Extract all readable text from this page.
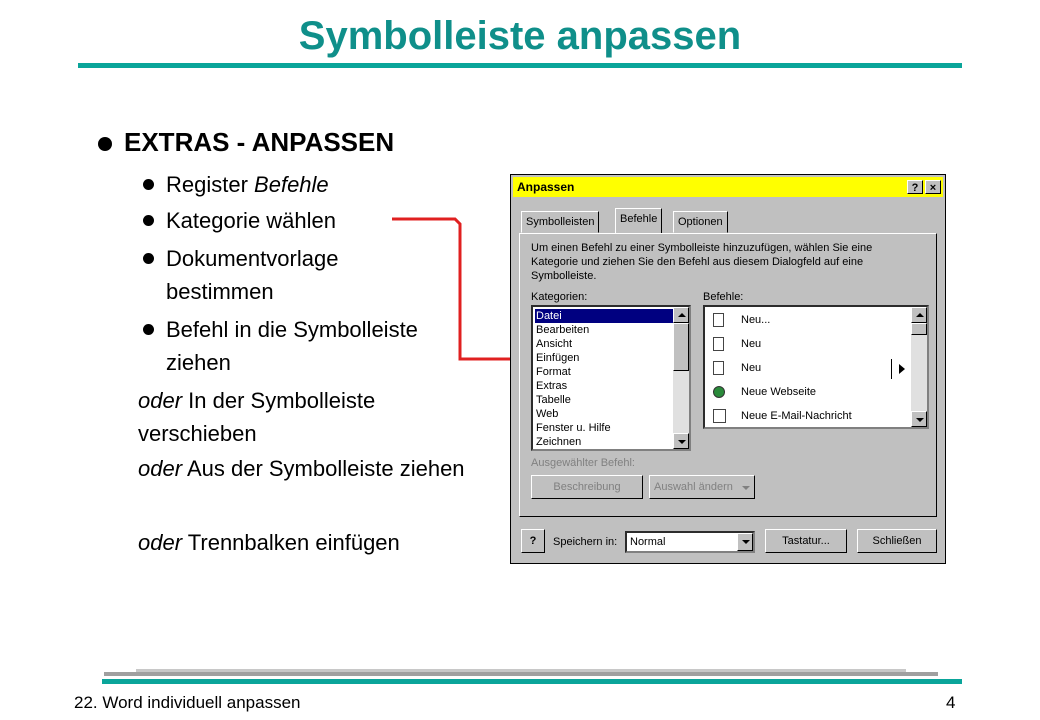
Symbolleiste anpassen
EXTRAS - ANPASSEN
Register Befehle
Kategorie wählen
Dokumentvorlage bestimmen
Befehl in die Symbolleiste ziehen
oder In der Symbolleiste verschieben
oder Aus der Symbolleiste ziehen
oder Trennbalken einfügen
Anpassen	?	×
Symbolleisten	Befehle	Optionen
Um einen Befehl zu einer Symbolleiste hinzuzufügen, wählen Sie eine Kategorie und ziehen Sie den Befehl aus diesem Dialogfeld auf eine Symbolleiste.
Kategorien:
Datei
Bearbeiten
Ansicht
Einfügen
Format
Extras
Tabelle
Web
Fenster u. Hilfe
Zeichnen
Befehle:
Neu...
Neu
Neu
Neue Webseite
Neue E-Mail-Nachricht
Ausgewählter Befehl:
Beschreibung	Auswahl ändern
?	Speichern in: Normal	Tastatur...	Schließen
22. Word individuell anpassen	4
